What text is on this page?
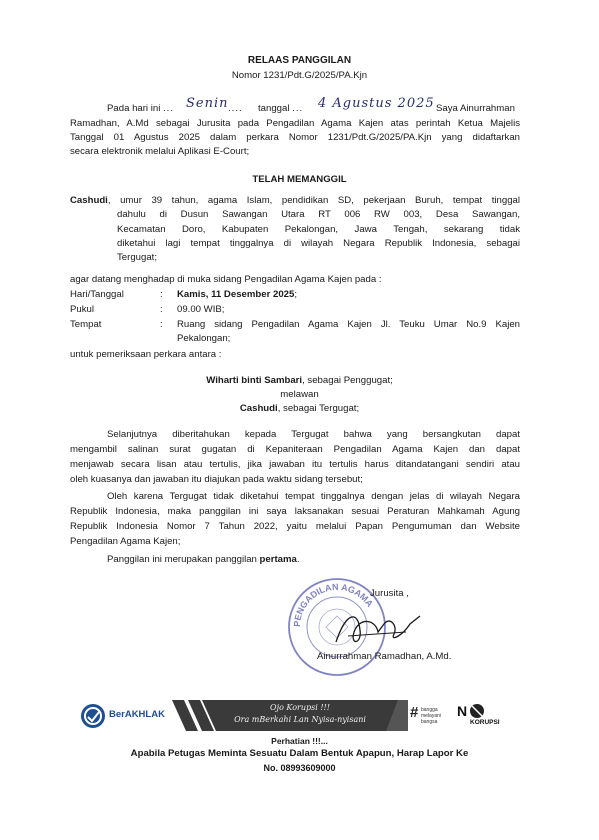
RELAAS PANGGILAN
Nomor 1231/Pdt.G/2025/PA.Kjn
Pada hari ini ... Senin .... tanggal ... 4 Agustus 2025 Saya Ainurrahman
Ramadhan, A.Md sebagai Jurusita pada Pengadilan Agama Kajen atas perintah Ketua Majelis
Tanggal 01 Agustus 2025 dalam perkara Nomor 1231/Pdt.G/2025/PA.Kjn yang didaftarkan
secara elektronik melalui Aplikasi E-Court;
TELAH MEMANGGIL
Cashudi, umur 39 tahun, agama Islam, pendidikan SD, pekerjaan Buruh, tempat tinggal
dahulu di Dusun Sawangan Utara RT 006 RW 003, Desa Sawangan,
Kecamatan Doro, Kabupaten Pekalongan, Jawa Tengah, sekarang tidak
diketahui lagi tempat tinggalnya di wilayah Negara Republik Indonesia, sebagai
Tergugat;
agar datang menghadap di muka sidang Pengadilan Agama Kajen pada :
Hari/Tanggal	: Kamis, 11 Desember 2025;
Pukul	: 09.00 WIB;
Tempat	: Ruang sidang Pengadilan Agama Kajen Jl. Teuku Umar No.9 Kajen
Pekalongan;
untuk pemeriksaan perkara antara :
Wiharti binti Sambari, sebagai Penggugat;
melawan
Cashudi, sebagai Tergugat;
Selanjutnya diberitahukan kepada Tergugat bahwa yang bersangkutan dapat
mengambil salinan surat gugatan di Kepaniteraan Pengadilan Agama Kajen dan dapat
menjawab secara lisan atau tertulis, jika jawaban itu tertulis harus ditandatangani sendiri atau
oleh kuasanya dan jawaban itu diajukan pada waktu sidang tersebut;
Oleh karena Tergugat tidak diketahui tempat tinggalnya dengan jelas di wilayah Negara
Republik Indonesia, maka panggilan ini saya laksanakan sesuai Peraturan Mahkamah Agung
Republik Indonesia Nomor 7 Tahun 2022, yaitu melalui Papan Pengumuman dan Website
Pengadilan Agama Kajen;
Panggilan ini merupakan panggilan pertama.
PENGADILAN AGAMA
Jurusita ,
Ainurrahman Ramadhan, A.Md.
BerAKHLAK
Ojo Korupsi !!!
Ora mBerkahi Lan Nyisa-nyisani	# bangga melayani bangsa
N
KORUPSI
Perhatian !!!...
Apabila Petugas Meminta Sesuatu Dalam Bentuk Apapun, Harap Lapor Ke
No. 08993609000
